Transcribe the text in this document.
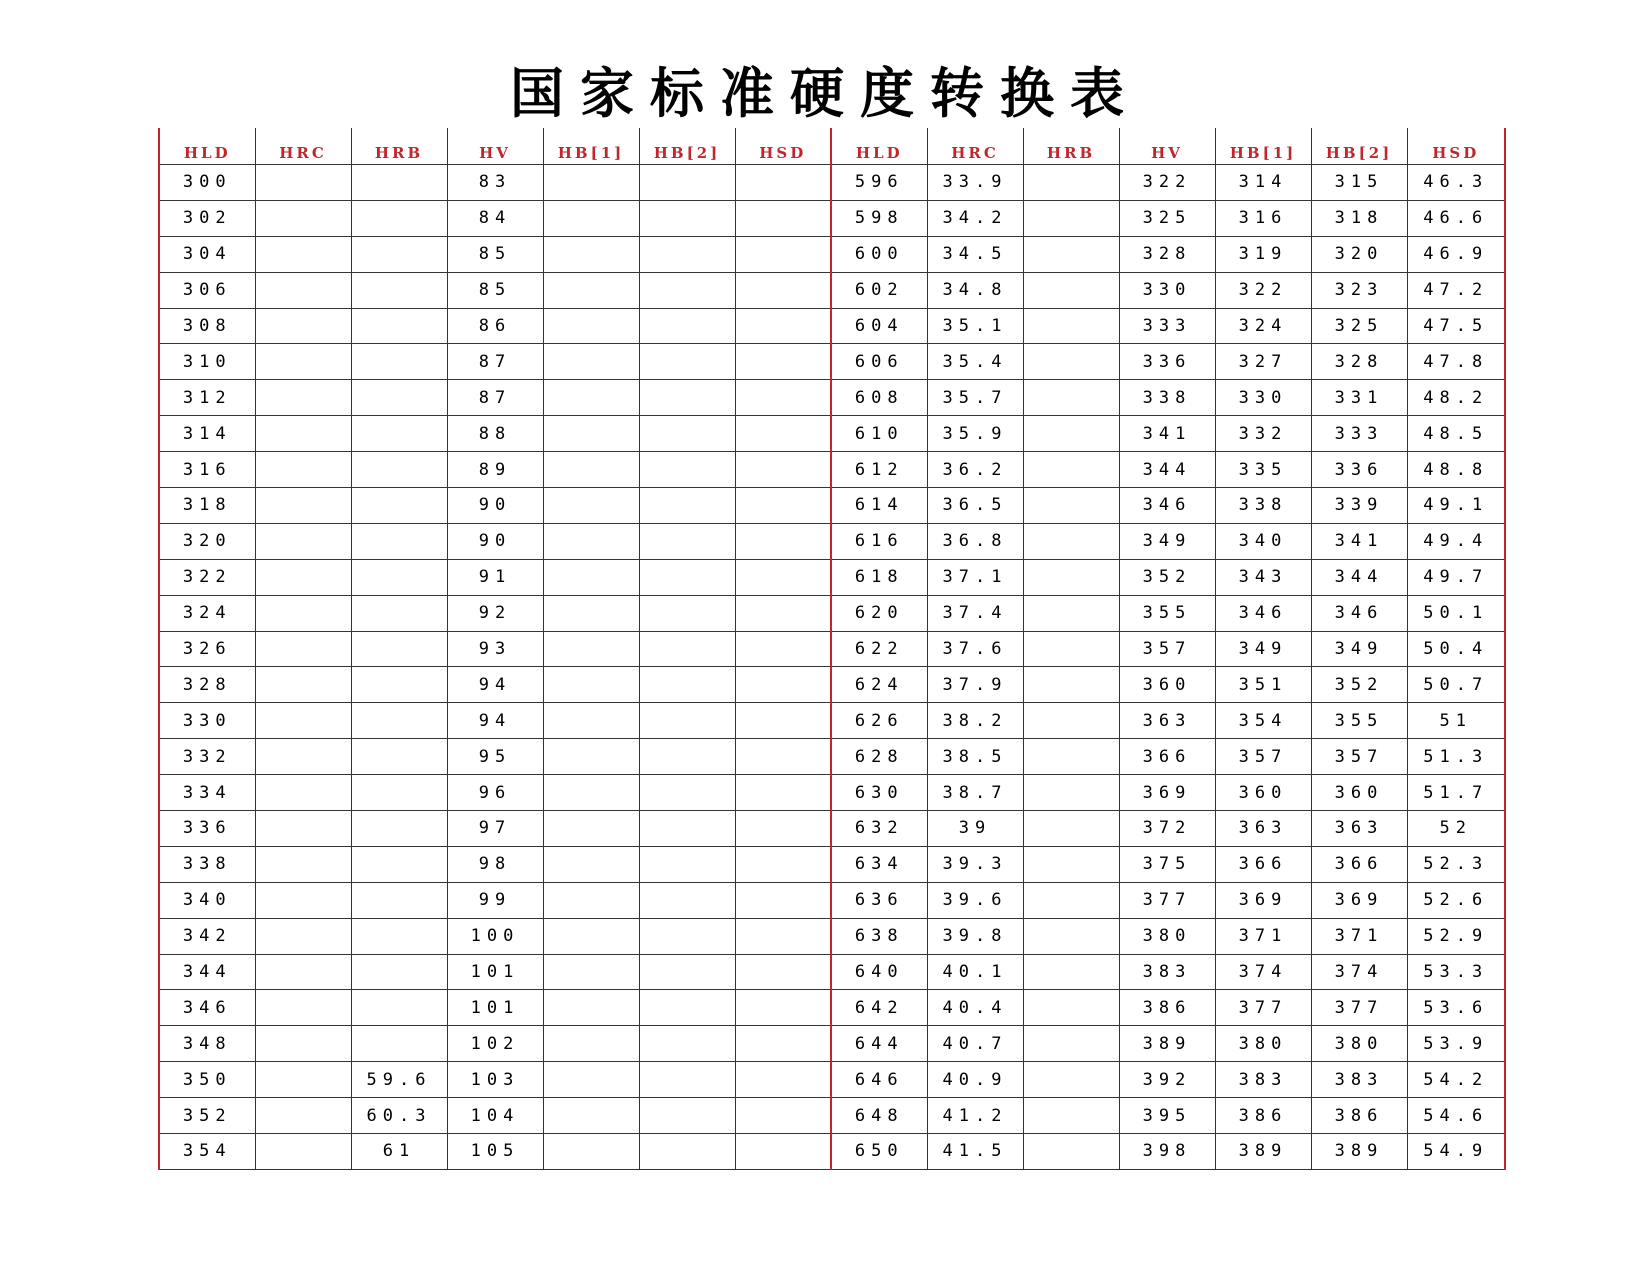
国家标准硬度转换表
HLD	HRC	HRB	HV	HB[1]	HB[2]	HSD	HLD	HRC	HRB	HV	HB[1]	HB[2]	HSD
300			83				596	33.9		322	314	315	46.3
302			84				598	34.2		325	316	318	46.6
304			85				600	34.5		328	319	320	46.9
306			85				602	34.8		330	322	323	47.2
308			86				604	35.1		333	324	325	47.5
310			87				606	35.4		336	327	328	47.8
312			87				608	35.7		338	330	331	48.2
314			88				610	35.9		341	332	333	48.5
316			89				612	36.2		344	335	336	48.8
318			90				614	36.5		346	338	339	49.1
320			90				616	36.8		349	340	341	49.4
322			91				618	37.1		352	343	344	49.7
324			92				620	37.4		355	346	346	50.1
326			93				622	37.6		357	349	349	50.4
328			94				624	37.9		360	351	352	50.7
330			94				626	38.2		363	354	355	51
332			95				628	38.5		366	357	357	51.3
334			96				630	38.7		369	360	360	51.7
336			97				632	39		372	363	363	52
338			98				634	39.3		375	366	366	52.3
340			99				636	39.6		377	369	369	52.6
342			100				638	39.8		380	371	371	52.9
344			101				640	40.1		383	374	374	53.3
346			101				642	40.4		386	377	377	53.6
348			102				644	40.7		389	380	380	53.9
350		59.6	103				646	40.9		392	383	383	54.2
352		60.3	104				648	41.2		395	386	386	54.6
354		61	105				650	41.5		398	389	389	54.9
